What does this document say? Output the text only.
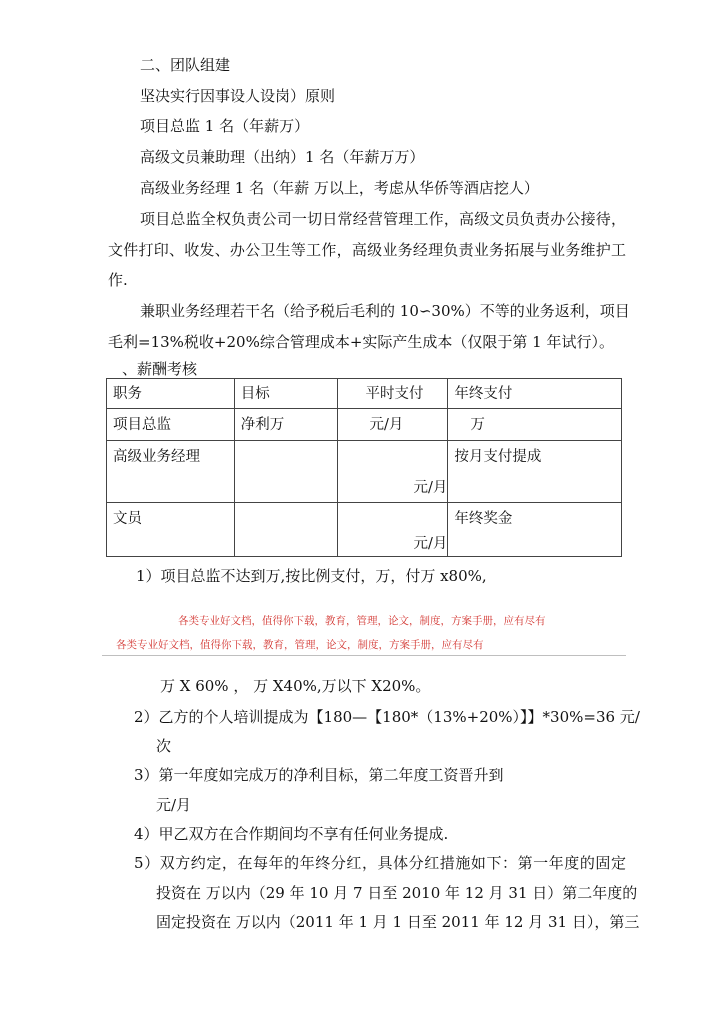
二、团队组建
坚决实行因事设人设岗）原则
项目总监 1 名（年薪万）
高级文员兼助理（出纳）1 名（年薪万万）
高级业务经理 1 名（年薪 万以上，考虑从华侨等酒店挖人）
项目总监全权负责公司一切日常经营管理工作，高级文员负责办公接待，
文件打印、收发、办公卫生等工作，高级业务经理负责业务拓展与业务维护工
作.
兼职业务经理若干名（给予税后毛利的 10∽30%）不等的业务返利，项目
毛利=13%税收+20%综合管理成本+实际产生成本（仅限于第 1 年试行）。
、薪酬考核
职务	目标	平时支付	年终支付
项目总监	净利万	元/月	万
高级业务经理		元/月	按月支付提成
文员		元/月	年终奖金
1）项目总监不达到万,按比例支付，万，付万 x80%,
各类专业好文档，值得你下载，教育，管理，论文，制度，方案手册，应有尽有
各类专业好文档，值得你下载，教育，管理，论文，制度，方案手册，应有尽有
万 X 60% ， 万 X40%,万以下 X20%。
2）乙方的个人培训提成为【180—【180*（13%+20%）】】*30%=36 元/
次
3）第一年度如完成万的净利目标，第二年度工资晋升到
元/月
4）甲乙双方在合作期间均不享有任何业务提成.
5）双方约定，在每年的年终分红，具体分红措施如下：第一年度的固定
投资在 万以内（29 年 10 月 7 日至 2010 年 12 月 31 日）第二年度的
固定投资在 万以内（2011 年 1 月 1 日至 2011 年 12 月 31 日），第三
